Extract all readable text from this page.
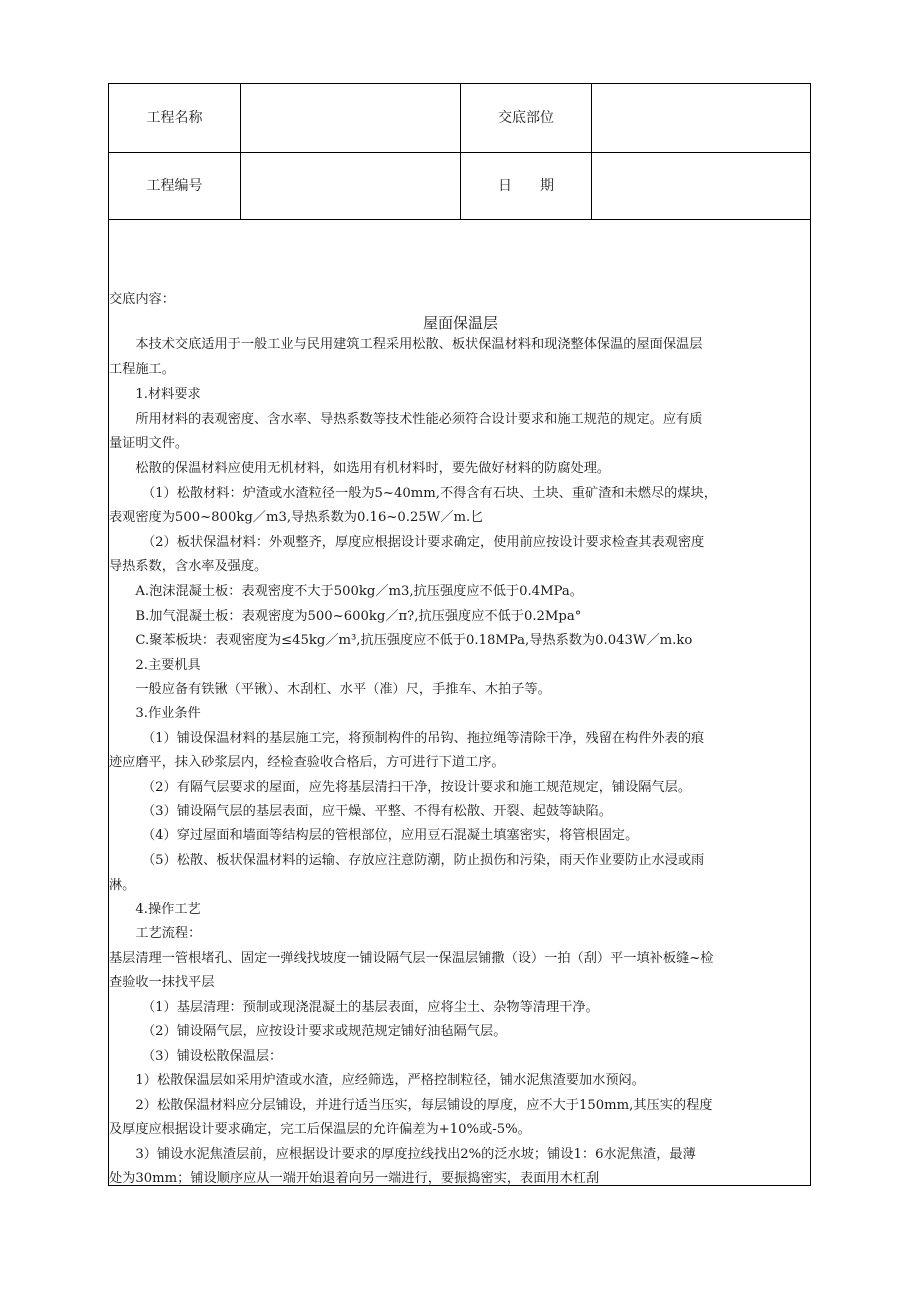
工程名称	交底部位
工程编号	日　　期
交底内容：
屋面保温层
　　本技术交底适用于一般工业与民用建筑工程采用松散、板状保温材料和现浇整体保温的屋面保温层
工程施工。
　　1.材料要求
　　所用材料的表观密度、含水率、导热系数等技术性能必须符合设计要求和施工规范的规定。应有质
量证明文件。
　　松散的保温材料应使用无机材料，如选用有机材料时，要先做好材料的防腐处理。
　　　（1）松散材料：炉渣或水渣粒径一般为5~40mm,不得含有石块、土块、重矿渣和未燃尽的煤块，
表观密度为500~800kg／m3,导热系数为0.16~0.25W／m.匕
　　　（2）板状保温材料：外观整齐，厚度应根据设计要求确定，使用前应按设计要求检查其表观密度
导热系数，含水率及强度。
　　A.泡沫混凝土板：表观密度不大于500kg／m3,抗压强度应不低于0.4MPa。
　　B.加气混凝土板：表观密度为500~600kg／π?,抗压强度应不低于0.2Mpa°
　　C.聚苯板块：表观密度为≤45kg／m³,抗压强度应不低于0.18MPa,导热系数为0.043W／m.ko
　　2.主要机具
　　一般应备有铁锹（平锹）、木刮杠、水平（准）尺，手推车、木拍子等。
　　3.作业条件
　　　（1）铺设保温材料的基层施工完，将预制构件的吊钩、拖拉绳等清除干净，残留在构件外表的痕
迹应磨平，抹入砂浆层内，经检查验收合格后，方可进行下道工序。
　　　（2）有隔气层要求的屋面，应先将基层清扫干净，按设计要求和施工规范规定，铺设隔气层。
　　　（3）铺设隔气层的基层表面，应干燥、平整、不得有松散、开裂、起鼓等缺陷。
　　　（4）穿过屋面和墙面等结构层的管根部位，应用豆石混凝土填塞密实，将管根固定。
　　　（5）松散、板状保温材料的运输、存放应注意防潮，防止损伤和污染，雨天作业要防止水浸或雨
淋。
　　4.操作工艺
　　工艺流程：
基层清理一管根堵孔、固定一弹线找坡度一铺设隔气层一保温层铺撒（设）一拍（刮）平一填补板缝~检
查验收一抹找平层
　　　（1）基层清理：预制或现浇混凝土的基层表面，应将尘土、杂物等清理干净。
　　　（2）铺设隔气层，应按设计要求或规范规定铺好油毡隔气层。
　　　（3）铺设松散保温层：
　　1）松散保温层如采用炉渣或水渣，应经筛选，严格控制粒径，铺水泥焦渣要加水预闷。
　　2）松散保温材料应分层铺设，并进行适当压实，每层铺设的厚度，应不大于150mm,其压实的程度
及厚度应根据设计要求确定，完工后保温层的允许偏差为+10%或-5%。
　　3）铺设水泥焦渣层前，应根据设计要求的厚度拉线找出2%的泛水坡；铺设1：6水泥焦渣，最薄
处为30mm；铺设顺序应从一端开始退着向另一端进行，要振捣密实，表面用木杠刮
